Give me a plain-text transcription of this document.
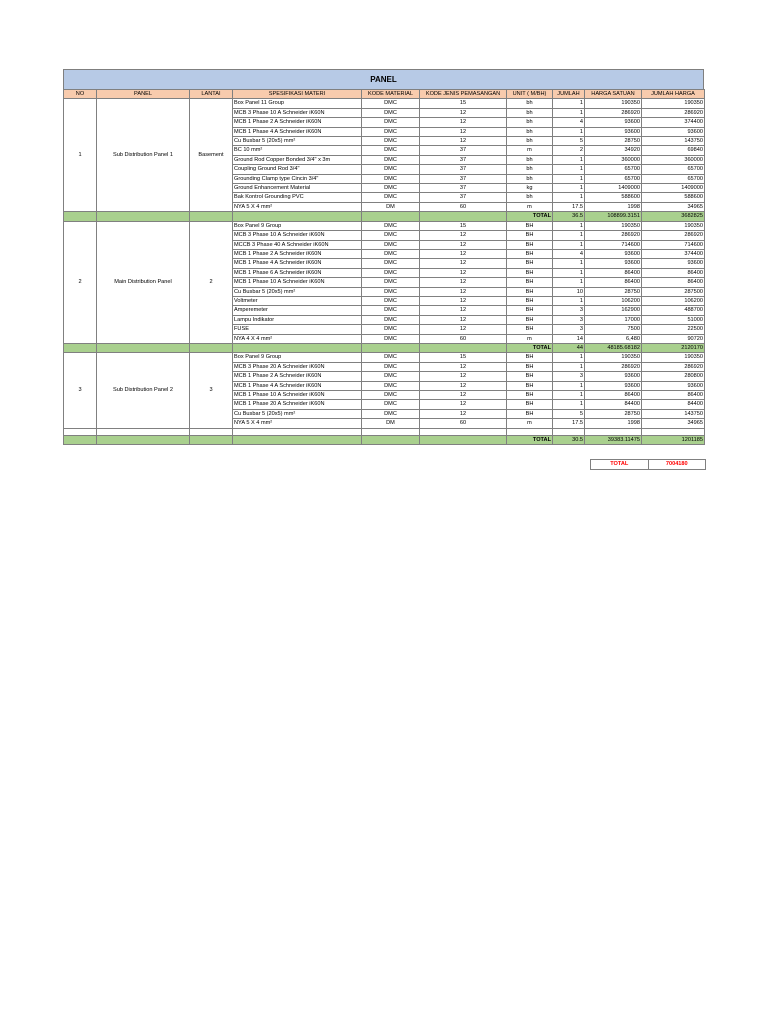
PANEL
NO	PANEL	LANTAI	SPESIFIKASI MATERI	KODE MATERIAL	KODE JENIS PEMASANGAN	UNIT ( M/BH)	JUMLAH	HARGA SATUAN	JUMLAH HARGA
1	Sub Distribution Panel 1	Basement	Box Panel 11 Group	DMC	15	bh	1	190350	190350
			MCB 3 Phase 10 A Schneider iK60N	DMC	12	bh	1	286920	286920
			MCB 1 Phase 2 A Schneider iK60N	DMC	12	bh	4	93600	374400
			MCB 1 Phase 4 A Schneider iK60N	DMC	12	bh	1	93600	93600
			Cu Busbar 5 (20x5) mm²	DMC	12	bh	5	28750	143750
			BC 10 mm²	DMC	37	m	2	34920	69840
			Ground Rod Copper Bonded 3/4" x 3m	DMC	37	bh	1	360000	360000
			Coupling Ground Rod 3/4"	DMC	37	bh	1	65700	65700
			Grounding Clamp type Cincin 3/4"	DMC	37	bh	1	65700	65700
			Ground Enhancement Material	DMC	37	kg	1	1409000	1409000
			Bak Kontrol Grounding PVC	DMC	37	bh	1	588600	588600
			NYA 5 X 4 mm²	DM	60	m	17.5	1998	34965
						TOTAL	36.5	108899.3151	3682825
2	Main Distribution Panel	2	Box Panel 9 Group	DMC	15	BH	1	190350	190350
			MCB 3 Phase 10 A Schneider iK60N	DMC	12	BH	1	286920	286920
			MCCB 3 Phase 40 A Schneider iK60N	DMC	12	BH	1	714600	714600
			MCB 1 Phase 2 A Schneider iK60N	DMC	12	BH	4	93600	374400
			MCB 1 Phase 4 A Schneider iK60N	DMC	12	BH	1	93600	93600
			MCB 1 Phase 6 A Schneider iK60N	DMC	12	BH	1	86400	86400
			MCB 1 Phase 10 A Schneider iK60N	DMC	12	BH	1	86400	86400
			Cu Busbar 5 (20x5) mm²	DMC	12	BH	10	28750	287500
			Voltmeter	DMC	12	BH	1	106200	106200
			Amperemeter	DMC	12	BH	3	162900	488700
			Lampu Indikator	DMC	12	BH	3	17000	51000
			FUSE	DMC	12	BH	3	7500	22500
			NYA 4 X 4 mm²	DMC	60	m	14	6,480	90720
						TOTAL	44	48185.68182	2120170
3	Sub Distribution Panel 2	3	Box Panel 9 Group	DMC	15	BH	1	190350	190350
			MCB 3 Phase 20 A Schneider iK60N	DMC	12	BH	1	286920	286920
			MCB 1 Phase 2 A Schneider iK60N	DMC	12	BH	3	93600	280800
			MCB 1 Phase 4 A Schneider iK60N	DMC	12	BH	1	93600	93600
			MCB 1 Phase 10 A Schneider iK60N	DMC	12	BH	1	86400	86400
			MCB 1 Phase 20 A Schneider iK60N	DMC	12	BH	1	84400	84400
			Cu Busbar 5 (20x5) mm²	DMC	12	BH	5	28750	143750
			NYA 5 X 4 mm²	DM	60	m	17.5	1998	34965

						TOTAL	30.5	39383.11475	1201185
TOTAL	7004180
